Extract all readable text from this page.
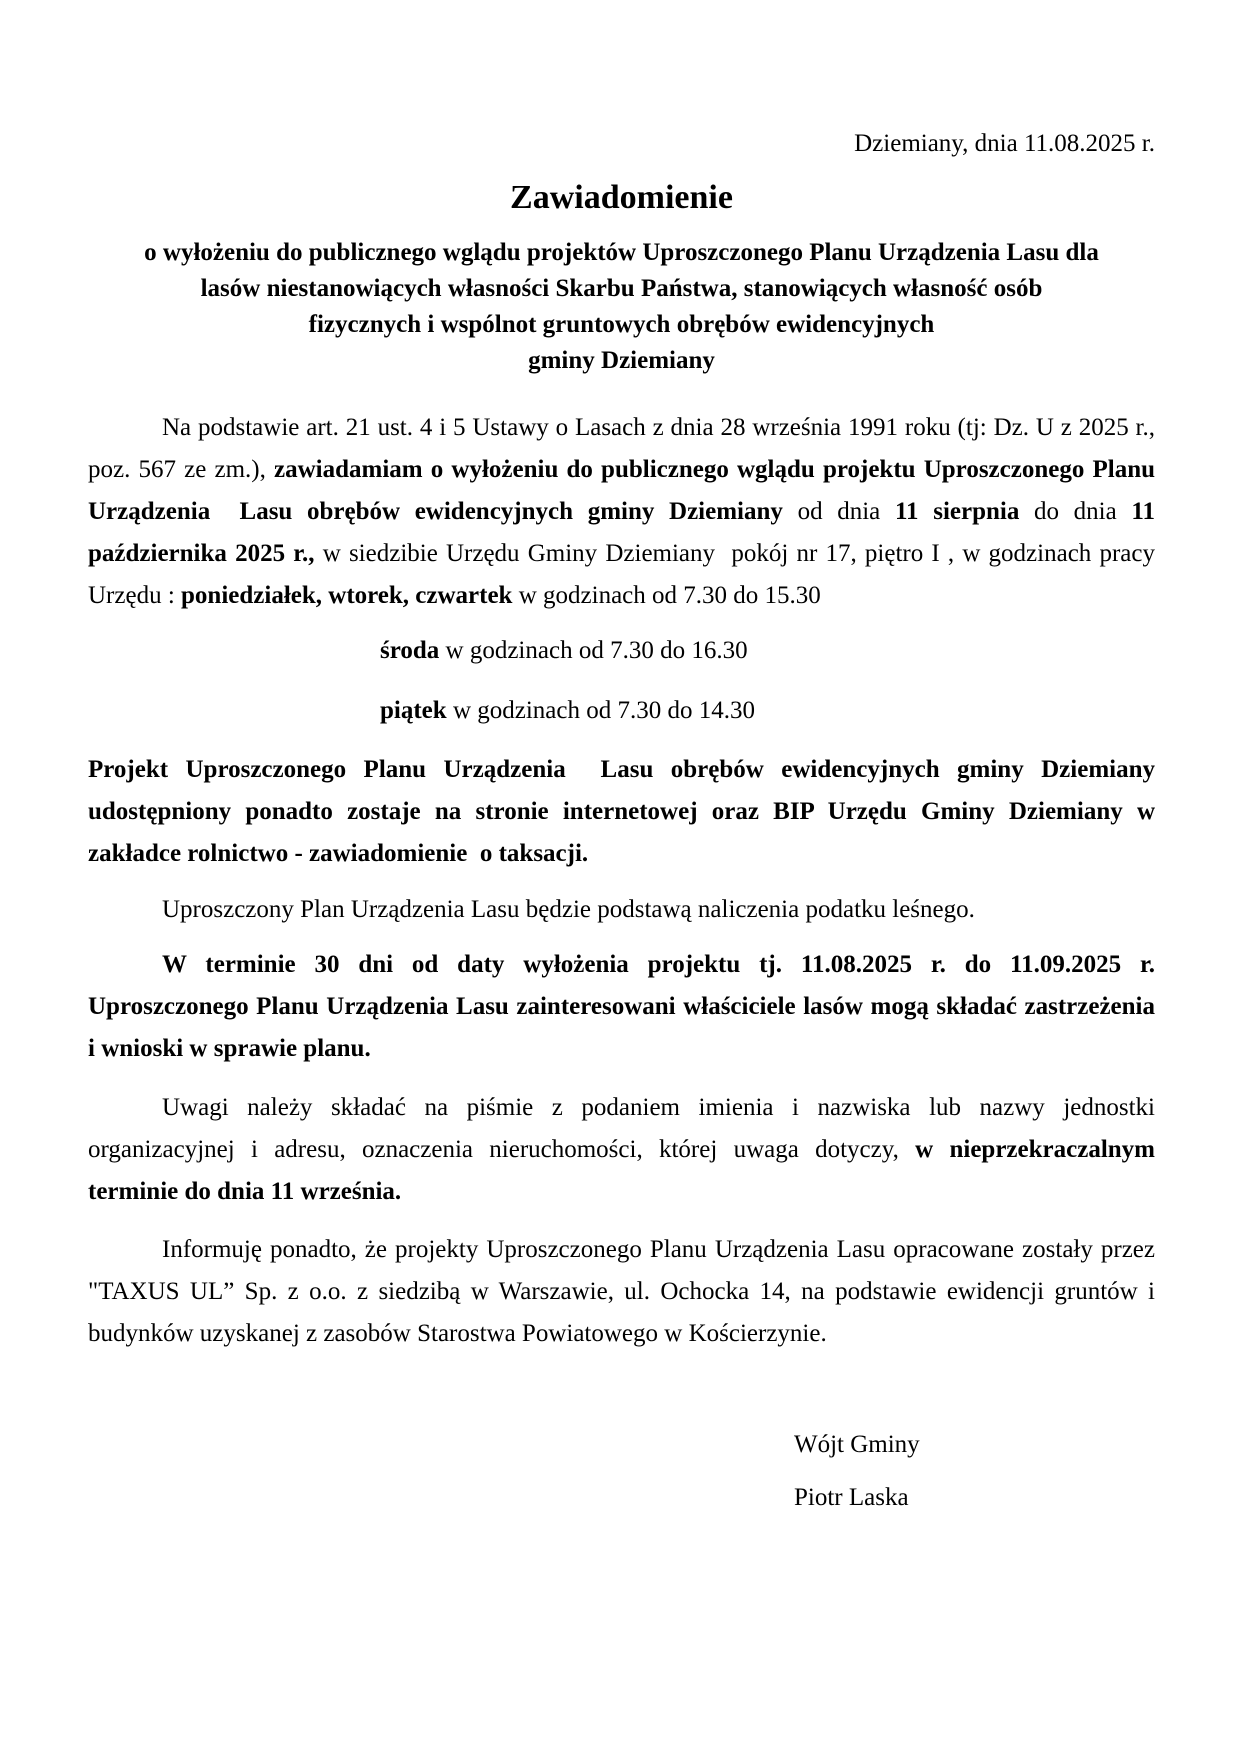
Dziemiany, dnia 11.08.2025 r.
Zawiadomienie
o wyłożeniu do publicznego wglądu projektów Uproszczonego Planu Urządzenia Lasu dla
lasów niestanowiących własności Skarbu Państwa, stanowiących własność osób
fizycznych i wspólnot gruntowych obrębów ewidencyjnych
gminy Dziemiany

Na podstawie art. 21 ust. 4 i 5 Ustawy o Lasach z dnia 28 września 1991 roku (tj: Dz. U z 2025 r., poz. 567 ze zm.), zawiadamiam o wyłożeniu do publicznego wglądu projektu Uproszczonego Planu Urządzenia  Lasu obrębów ewidencyjnych gminy Dziemiany od dnia 11 sierpnia do dnia 11 października 2025 r., w siedzibie Urzędu Gminy Dziemiany  pokój nr 17, piętro I , w godzinach pracy Urzędu : poniedziałek, wtorek, czwartek w godzinach od 7.30 do 15.30

środa w godzinach od 7.30 do 16.30

piątek w godzinach od 7.30 do 14.30

Projekt Uproszczonego Planu Urządzenia  Lasu obrębów ewidencyjnych gminy Dziemiany udostępniony ponadto zostaje na stronie internetowej oraz BIP Urzędu Gminy Dziemiany w zakładce rolnictwo - zawiadomienie  o taksacji.

Uproszczony Plan Urządzenia Lasu będzie podstawą naliczenia podatku leśnego.

W terminie 30 dni od daty wyłożenia projektu tj. 11.08.2025 r. do 11.09.2025 r. Uproszczonego Planu Urządzenia Lasu zainteresowani właściciele lasów mogą składać zastrzeżenia i wnioski w sprawie planu.

Uwagi należy składać na piśmie z podaniem imienia i nazwiska lub nazwy jednostki organizacyjnej i adresu, oznaczenia nieruchomości, której uwaga dotyczy, w nieprzekraczalnym terminie do dnia 11 września.

Informuję ponadto, że projekty Uproszczonego Planu Urządzenia Lasu opracowane zostały przez "TAXUS UL” Sp. z o.o. z siedzibą w Warszawie, ul. Ochocka 14, na podstawie ewidencji gruntów i budynków uzyskanej z zasobów Starostwa Powiatowego w Kościerzynie.

Wójt Gminy

Piotr Laska
